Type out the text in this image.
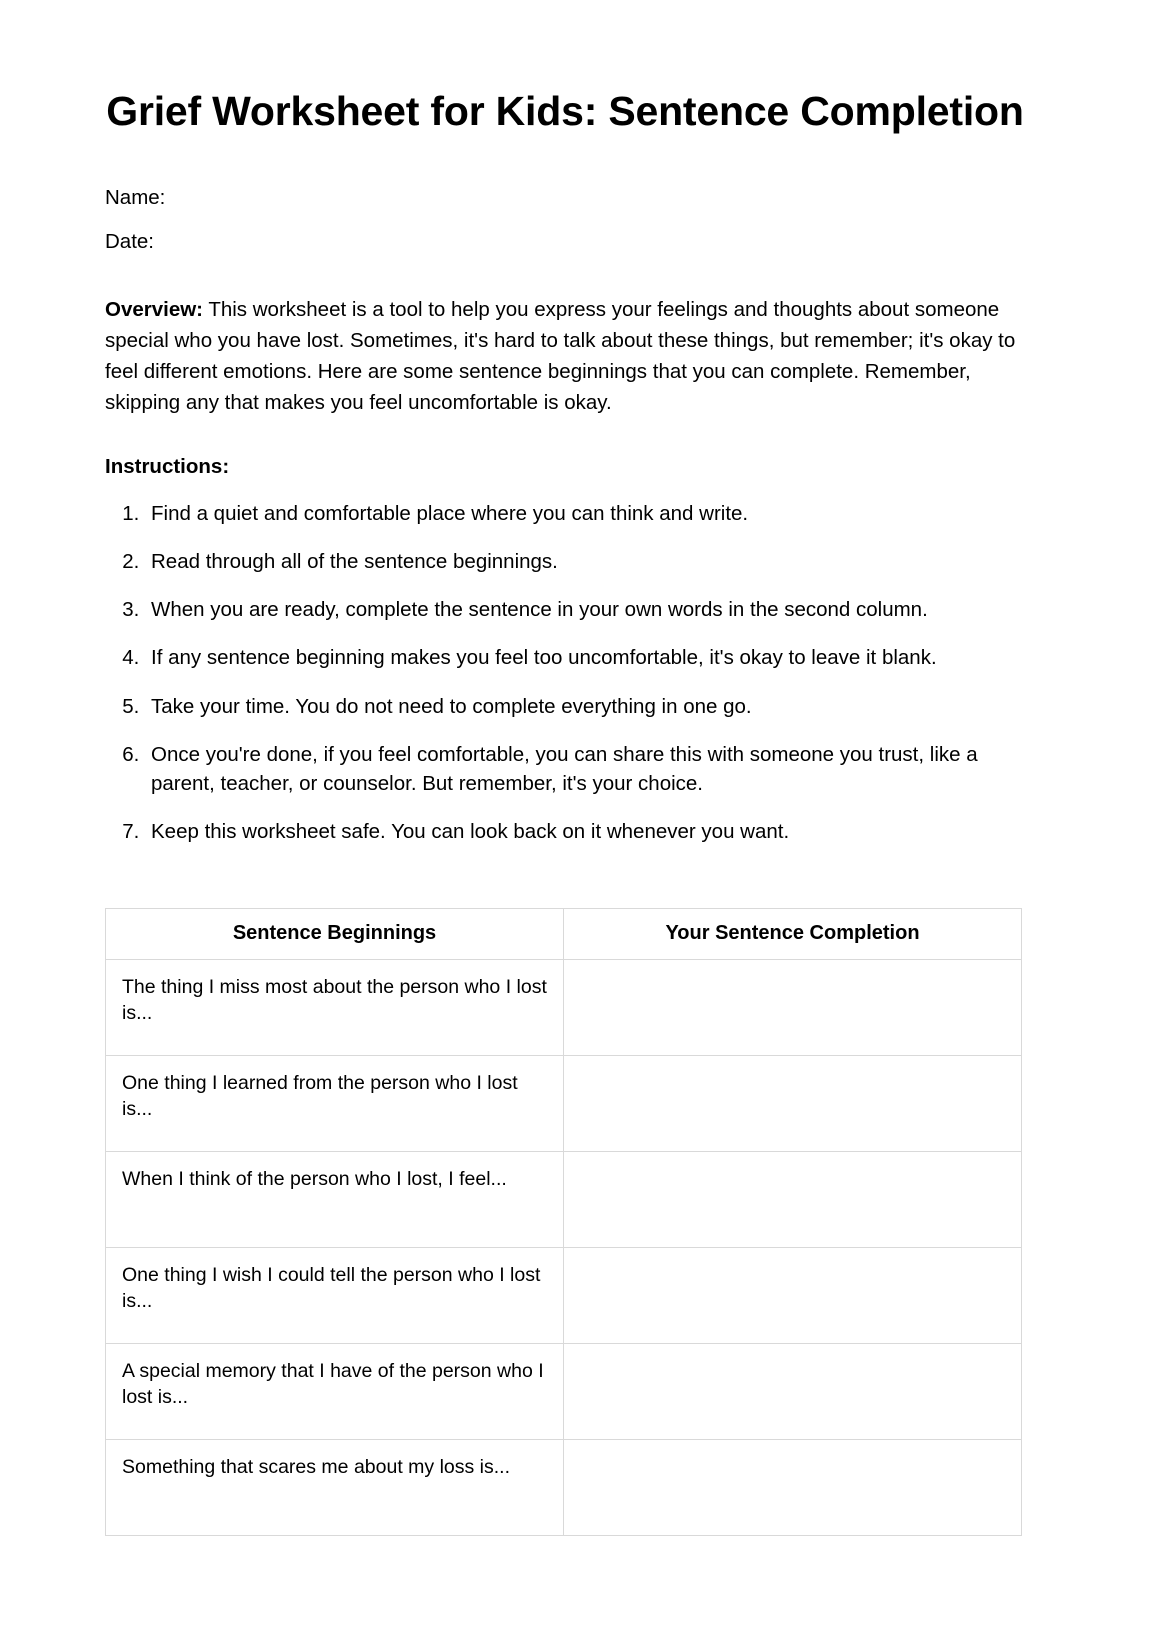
Grief Worksheet for Kids: Sentence Completion
Name:
Date:

Overview: This worksheet is a tool to help you express your feelings and thoughts about someone special who you have lost. Sometimes, it's hard to talk about these things, but remember; it's okay to feel different emotions. Here are some sentence beginnings that you can complete. Remember, skipping any that makes you feel uncomfortable is okay.

Instructions:
1. Find a quiet and comfortable place where you can think and write.
2. Read through all of the sentence beginnings.
3. When you are ready, complete the sentence in your own words in the second column.
4. If any sentence beginning makes you feel too uncomfortable, it's okay to leave it blank.
5. Take your time. You do not need to complete everything in one go.
6. Once you're done, if you feel comfortable, you can share this with someone you trust, like a parent, teacher, or counselor. But remember, it's your choice.
7. Keep this worksheet safe. You can look back on it whenever you want.
Sentence Beginnings	Your Sentence Completion
The thing I miss most about the person who I lost is...	
One thing I learned from the person who I lost is...	
When I think of the person who I lost, I feel...	
One thing I wish I could tell the person who I lost is...	
A special memory that I have of the person who I lost is...	
Something that scares me about my loss is...	
